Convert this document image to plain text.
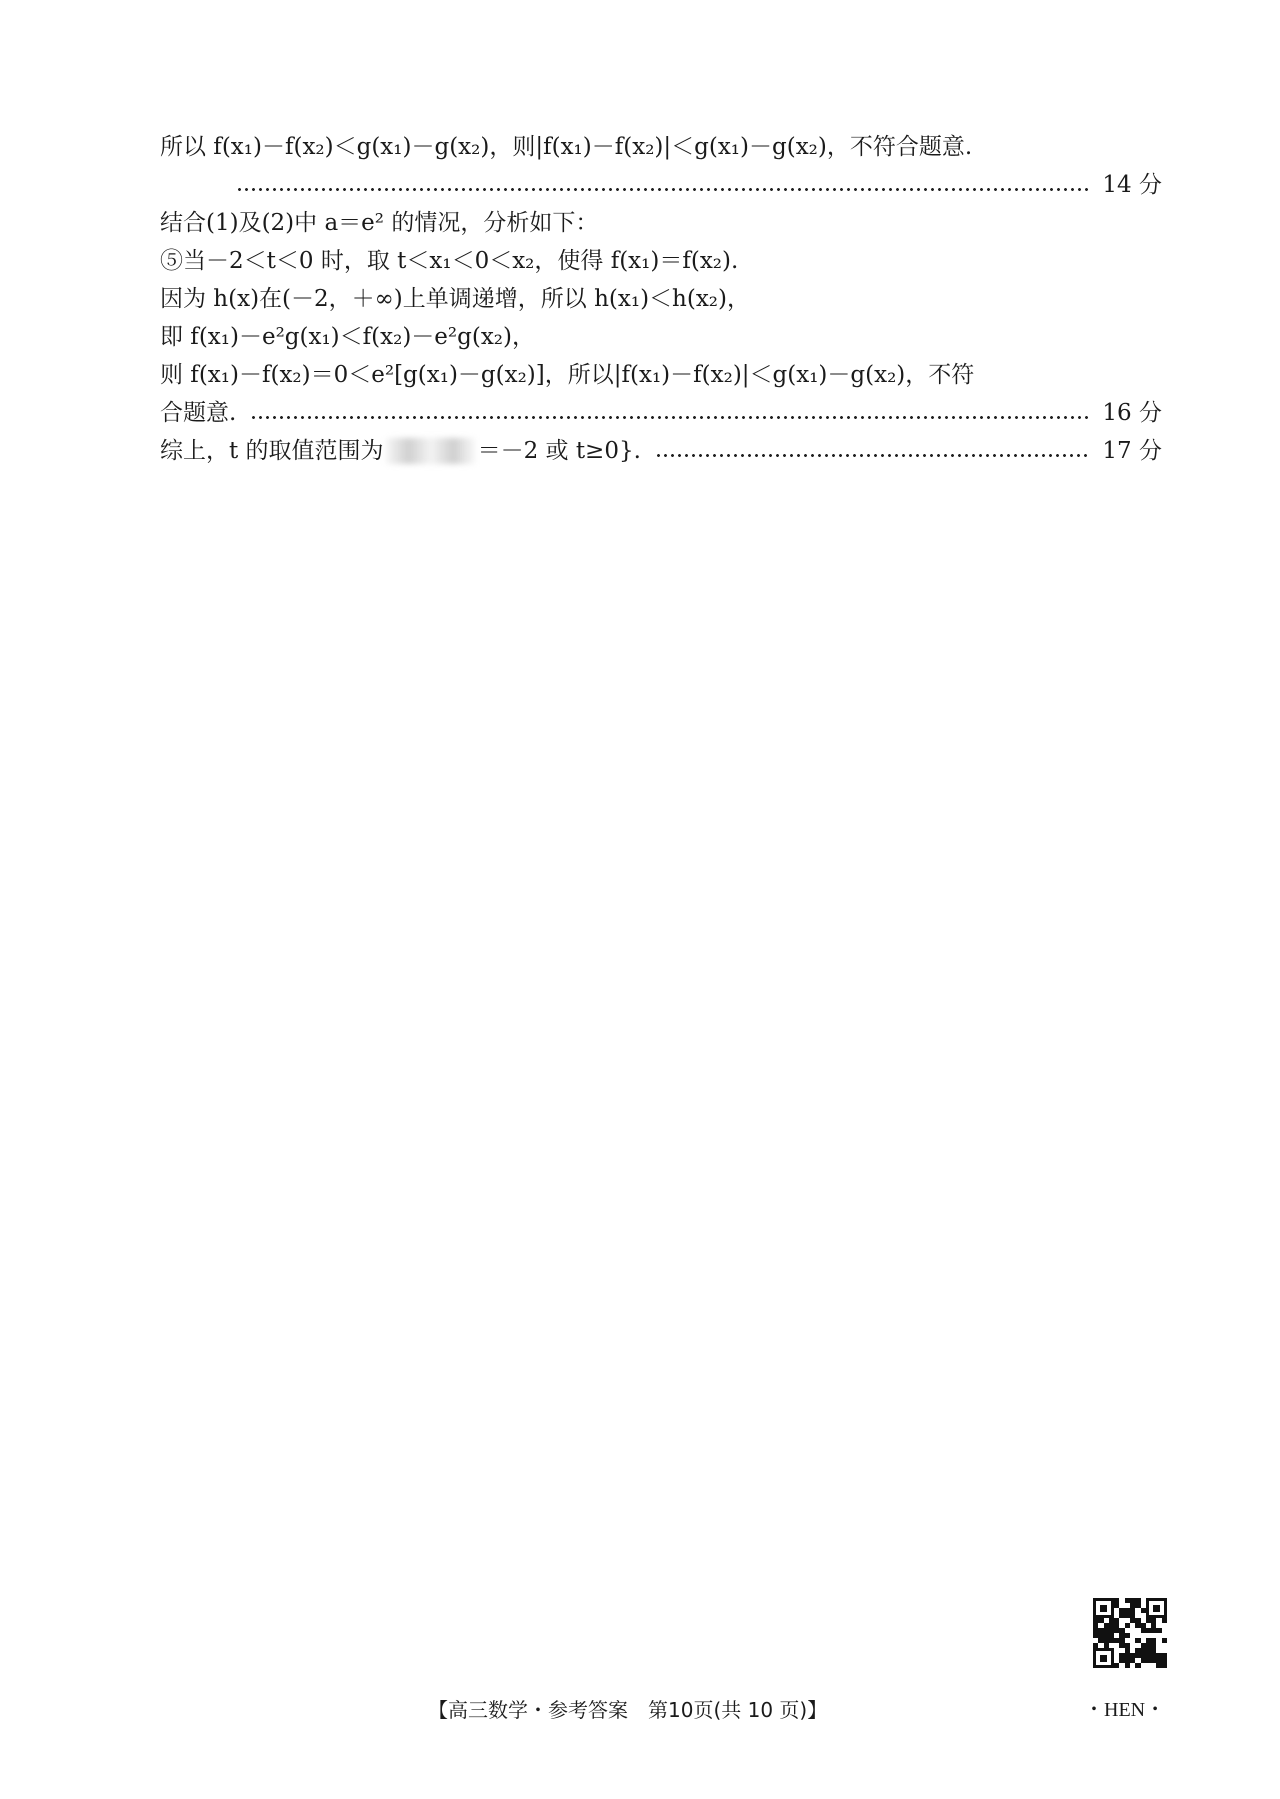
所以 f(x₁)－f(x₂)＜g(x₁)－g(x₂)，则|f(x₁)－f(x₂)|＜g(x₁)－g(x₂)，不符合题意.
14 分
结合(1)及(2)中 a＝e² 的情况，分析如下：
⑤当－2＜t＜0 时，取 t＜x₁＜0＜x₂，使得 f(x₁)＝f(x₂).
因为 h(x)在(－2，＋∞)上单调递增，所以 h(x₁)＜h(x₂)，
即 f(x₁)－e²g(x₁)＜f(x₂)－e²g(x₂)，
则 f(x₁)－f(x₂)＝0＜e²[g(x₁)－g(x₂)]，所以|f(x₁)－f(x₂)|＜g(x₁)－g(x₂)，不符
合题意.	16 分
综上，t 的取值范围为	＝－2 或 t≥0}.	17 分
【高三数学・参考答案　第10页(共 10 页)】	・HEN・
